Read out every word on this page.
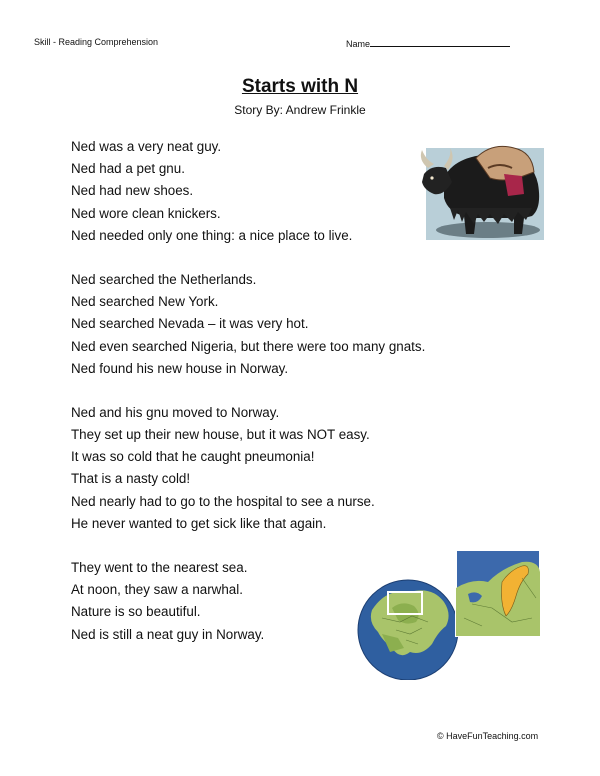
Skill - Reading Comprehension	Name
Starts with N
Story By: Andrew Frinkle
Ned was a very neat guy.
Ned had a pet gnu.
Ned had new shoes.
Ned wore clean knickers.
Ned needed only one thing: a nice place to live.
Ned searched the Netherlands.
Ned searched New York.
Ned searched Nevada – it was very hot.
Ned even searched Nigeria, but there were too many gnats.
Ned found his new house in Norway.
Ned and his gnu moved to Norway.
They set up their new house, but it was NOT easy.
It was so cold that he caught pneumonia!
That is a nasty cold!
Ned nearly had to go to the hospital to see a nurse.
He never wanted to get sick like that again.
They went to the nearest sea.
At noon, they saw a narwhal.
Nature is so beautiful.
Ned is still a neat guy in Norway.
© HaveFunTeaching.com
